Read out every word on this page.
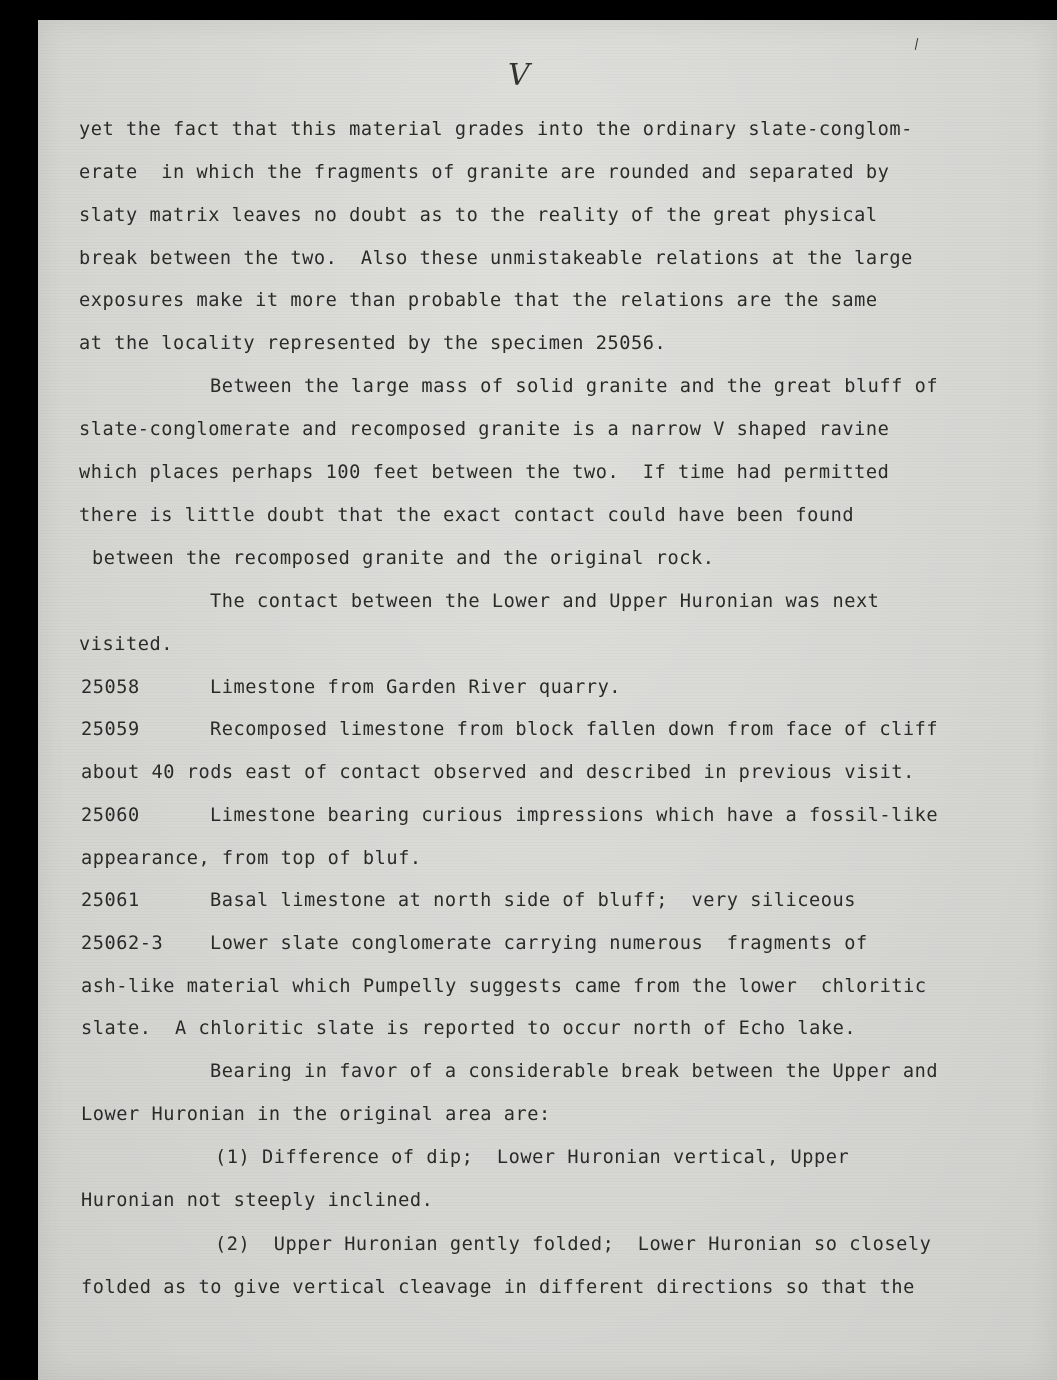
V
yet the fact that this material grades into the ordinary slate-conglom-
erate  in which the fragments of granite are rounded and separated by
slaty matrix leaves no doubt as to the reality of the great physical
break between the two.  Also these unmistakeable relations at the large
exposures make it more than probable that the relations are the same
at the locality represented by the specimen 25056.
Between the large mass of solid granite and the great bluff of
slate-conglomerate and recomposed granite is a narrow V shaped ravine
which places perhaps 100 feet between the two.  If time had permitted
there is little doubt that the exact contact could have been found
between the recomposed granite and the original rock.
The contact between the Lower and Upper Huronian was next
visited.
25058	Limestone from Garden River quarry.
25059	Recomposed limestone from block fallen down from face of cliff
about 40 rods east of contact observed and described in previous visit.
25060	Limestone bearing curious impressions which have a fossil-like
appearance, from top of bluf.
25061	Basal limestone at north side of bluff;  very siliceous
25062-3	Lower slate conglomerate carrying numerous  fragments of
ash-like material which Pumpelly suggests came from the lower  chloritic
slate.  A chloritic slate is reported to occur north of Echo lake.
Bearing in favor of a considerable break between the Upper and
Lower Huronian in the original area are:
(1) Difference of dip;  Lower Huronian vertical, Upper
Huronian not steeply inclined.
(2)  Upper Huronian gently folded;  Lower Huronian so closely
folded as to give vertical cleavage in different directions so that the
